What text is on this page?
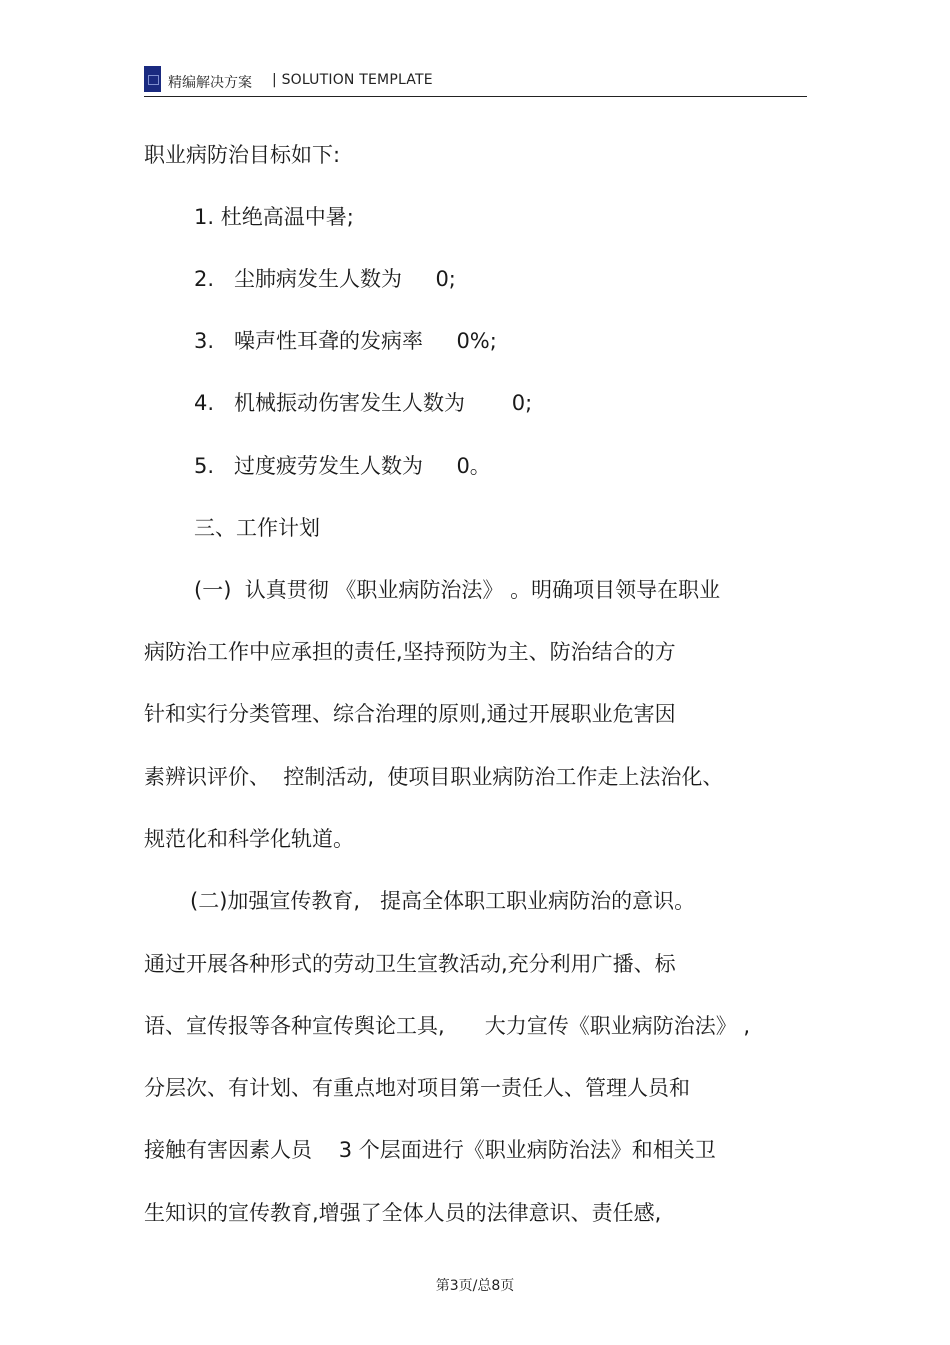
精编解决方案 | SOLUTION TEMPLATE
职业病防治目标如下:
1. 杜绝高温中暑;
2.   尘肺病发生人数为     0;
3.   噪声性耳聋的发病率     0%;
4.   机械振动伤害发生人数为       0;
5.   过度疲劳发生人数为     0。
三、工作计划
(一)  认真贯彻 《职业病防治法》 。明确项目领导在职业
病防治工作中应承担的责任,坚持预防为主、防治结合的方
针和实行分类管理、综合治理的原则,通过开展职业危害因
素辨识评价、  控制活动,  使项目职业病防治工作走上法治化、
规范化和科学化轨道。
(二)加强宣传教育,   提高全体职工职业病防治的意识。
通过开展各种形式的劳动卫生宣教活动,充分利用广播、标
语、宣传报等各种宣传舆论工具,      大力宣传《职业病防治法》 ,
分层次、有计划、有重点地对项目第一责任人、管理人员和
接触有害因素人员    3 个层面进行《职业病防治法》和相关卫
生知识的宣传教育,增强了全体人员的法律意识、责任感,
第3页/总8页
